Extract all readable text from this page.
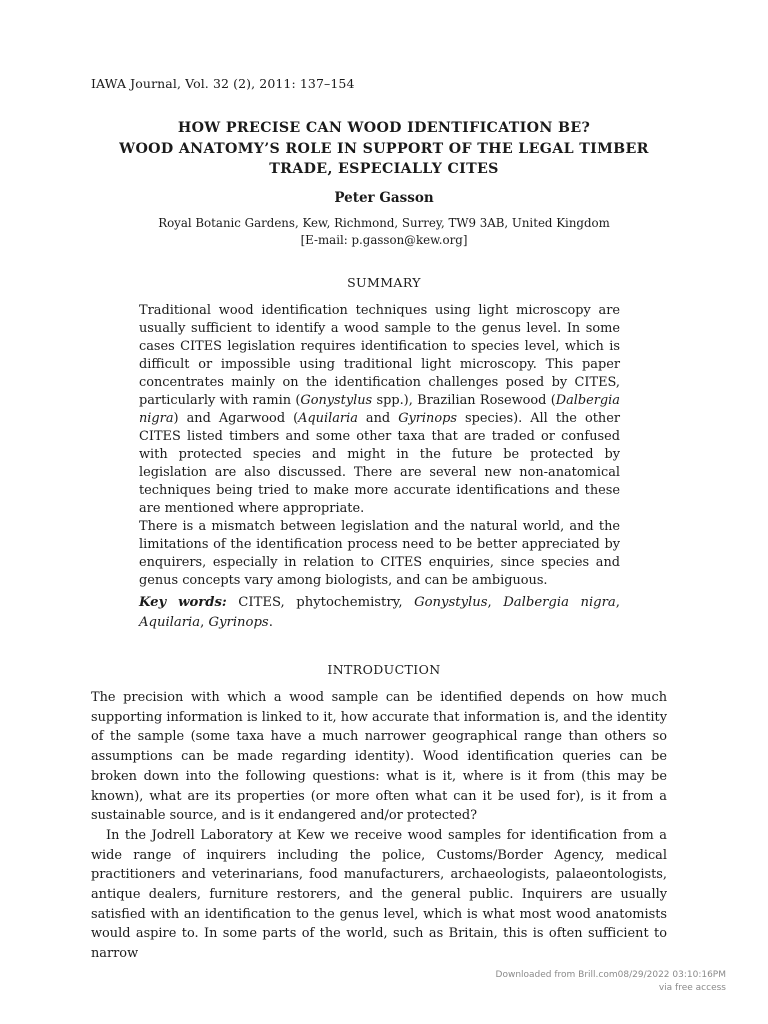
IAWA Journal, Vol. 32 (2), 2011: 137–154
HOW PRECISE CAN WOOD IDENTIFICATION BE?
WOOD ANATOMY’S ROLE IN SUPPORT OF THE LEGAL TIMBER
TRADE, ESPECIALLY CITES
Peter Gasson
Royal Botanic Gardens, Kew, Richmond, Surrey, TW9 3AB, United Kingdom
[E-mail: p.gasson@kew.org]
SUMMARY
Traditional wood identification techniques using light microscopy are usually sufficient to identify a wood sample to the genus level. In some cases CITES legislation requires identification to species level, which is difficult or impossible using traditional light microscopy. This paper concentrates mainly on the identification challenges posed by CITES, particularly with ramin (Gonystylus spp.), Brazilian Rosewood (Dalbergia nigra) and Agarwood (Aquilaria and Gyrinops species). All the other CITES listed timbers and some other taxa that are traded or confused with protected species and might in the future be protected by legislation are also discussed. There are several new non-anatomical techniques being tried to make more accurate identifications and these are mentioned where appropriate.
There is a mismatch between legislation and the natural world, and the limitations of the identification process need to be better appreciated by enquirers, especially in relation to CITES enquiries, since species and genus concepts vary among biologists, and can be ambiguous.
Key words: CITES, phytochemistry, Gonystylus, Dalbergia nigra, Aquilaria, Gyrinops.
INTRODUCTION
The precision with which a wood sample can be identified depends on how much supporting information is linked to it, how accurate that information is, and the identity of the sample (some taxa have a much narrower geographical range than others so assumptions can be made regarding identity). Wood identification queries can be broken down into the following questions: what is it, where is it from (this may be known), what are its properties (or more often what can it be used for), is it from a sustainable source, and is it endangered and/or protected?
In the Jodrell Laboratory at Kew we receive wood samples for identification from a wide range of inquirers including the police, Customs/Border Agency, medical practitioners and veterinarians, food manufacturers, archaeologists, palaeontologists, antique dealers, furniture restorers, and the general public. Inquirers are usually satisfied with an identification to the genus level, which is what most wood anatomists would aspire to. In some parts of the world, such as Britain, this is often sufficient to narrow
Downloaded from Brill.com08/29/2022 03:10:16PM
via free access
